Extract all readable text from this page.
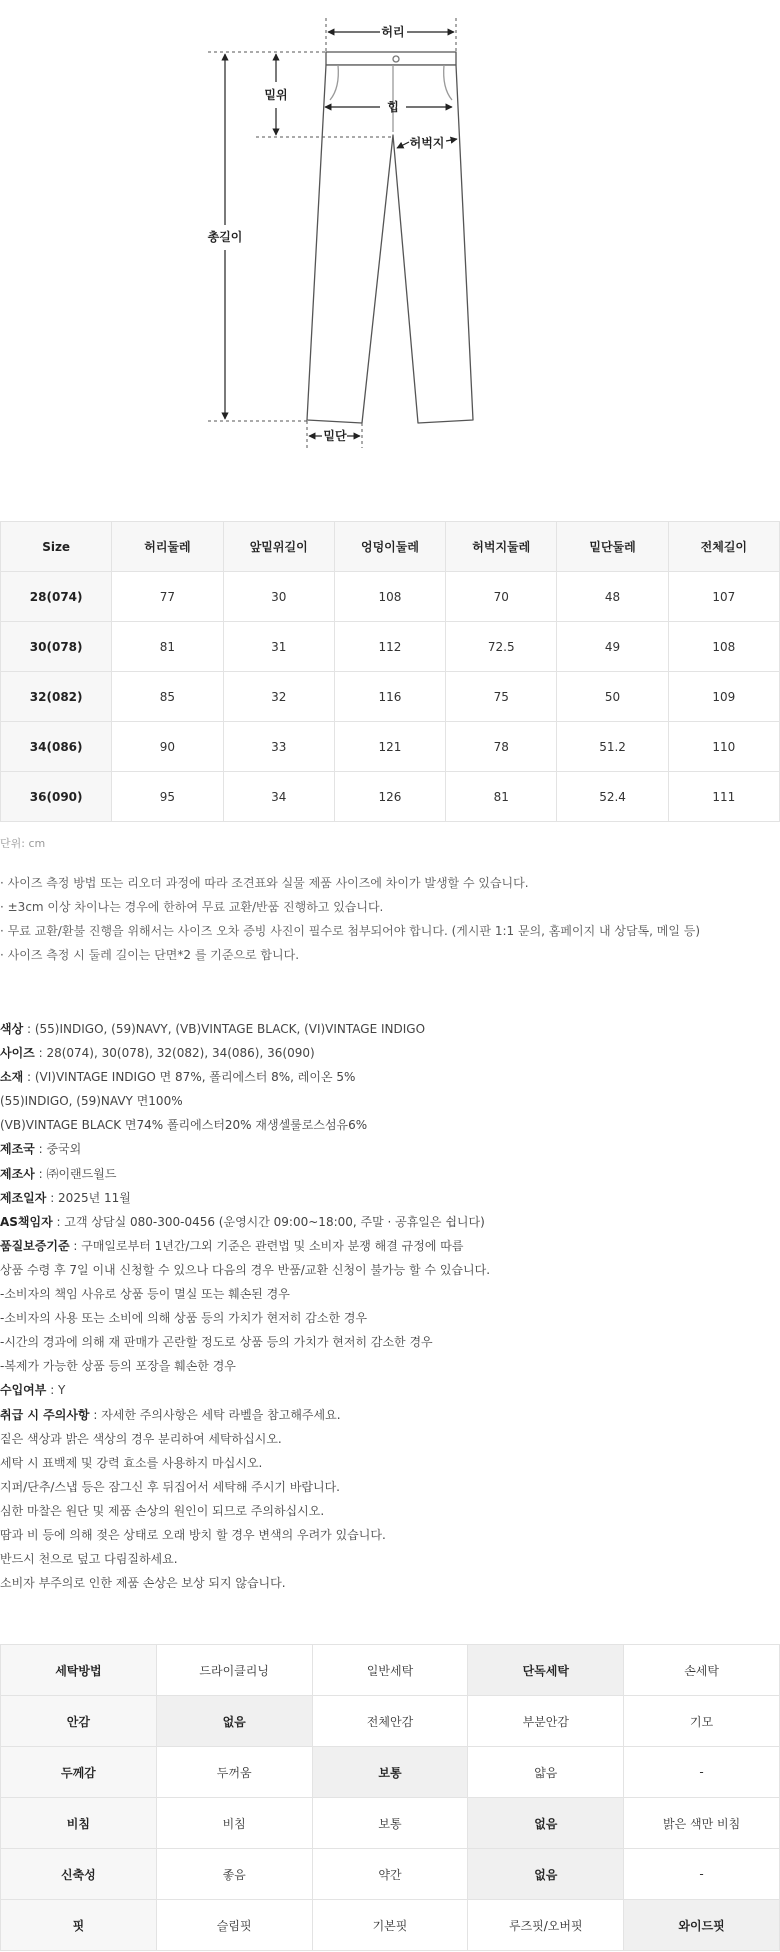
허리
밑위
총길이
힙
허벅지
밑단
Size	허리둘레	앞밑위길이	엉덩이둘레	허벅지둘레	밑단둘레	전체길이
28(074)	77	30	108	70	48	107
30(078)	81	31	112	72.5	49	108
32(082)	85	32	116	75	50	109
34(086)	90	33	121	78	51.2	110
36(090)	95	34	126	81	52.4	111
단위: cm
· 사이즈 측정 방법 또는 리오더 과정에 따라 조견표와 실물 제품 사이즈에 차이가 발생할 수 있습니다.
· ±3cm 이상 차이나는 경우에 한하여 무료 교환/반품 진행하고 있습니다.
· 무료 교환/환불 진행을 위해서는 사이즈 오차 증빙 사진이 필수로 첨부되어야 합니다. (게시판 1:1 문의, 홈페이지 내 상담톡, 메일 등)
· 사이즈 측정 시 둘레 길이는 단면*2 를 기준으로 합니다.
색상 : (55)INDIGO, (59)NAVY, (VB)VINTAGE BLACK, (VI)VINTAGE INDIGO
사이즈 : 28(074), 30(078), 32(082), 34(086), 36(090)
소재 : (VI)VINTAGE INDIGO 면 87%, 폴리에스터 8%, 레이온 5%
(55)INDIGO, (59)NAVY 면100%
(VB)VINTAGE BLACK 면74% 폴리에스터20% 재생셀룰로스섬유6%
제조국 : 중국외
제조사 : ㈜이랜드월드
제조일자 : 2025년 11월
AS책임자 : 고객 상담실 080-300-0456 (운영시간 09:00~18:00, 주말 · 공휴일은 쉽니다)
품질보증기준 : 구매일로부터 1년간/그외 기준은 관련법 및 소비자 분쟁 해결 규정에 따름
상품 수령 후 7일 이내 신청할 수 있으나 다음의 경우 반품/교환 신청이 불가능 할 수 있습니다.
-소비자의 책임 사유로 상품 등이 멸실 또는 훼손된 경우
-소비자의 사용 또는 소비에 의해 상품 등의 가치가 현저히 감소한 경우
-시간의 경과에 의해 재 판매가 곤란할 정도로 상품 등의 가치가 현저히 감소한 경우
-복제가 가능한 상품 등의 포장을 훼손한 경우
수입여부 : Y
취급 시 주의사항 : 자세한 주의사항은 세탁 라벨을 참고해주세요.
짙은 색상과 밝은 색상의 경우 분리하여 세탁하십시오.
세탁 시 표백제 및 강력 효소를 사용하지 마십시오.
지퍼/단추/스냅 등은 잠그신 후 뒤집어서 세탁해 주시기 바랍니다.
심한 마찰은 원단 및 제품 손상의 원인이 되므로 주의하십시오.
땀과 비 등에 의해 젖은 상태로 오래 방치 할 경우 변색의 우려가 있습니다.
반드시 천으로 덮고 다림질하세요.
소비자 부주의로 인한 제품 손상은 보상 되지 않습니다.
세탁방법	드라이클리닝	일반세탁	단독세탁	손세탁
안감	없음	전체안감	부분안감	기모
두께감	두꺼움	보통	얇음	-
비침	비침	보통	없음	밝은 색만 비침
신축성	좋음	약간	없음	-
핏	슬림핏	기본핏	루즈핏/오버핏	와이드핏
